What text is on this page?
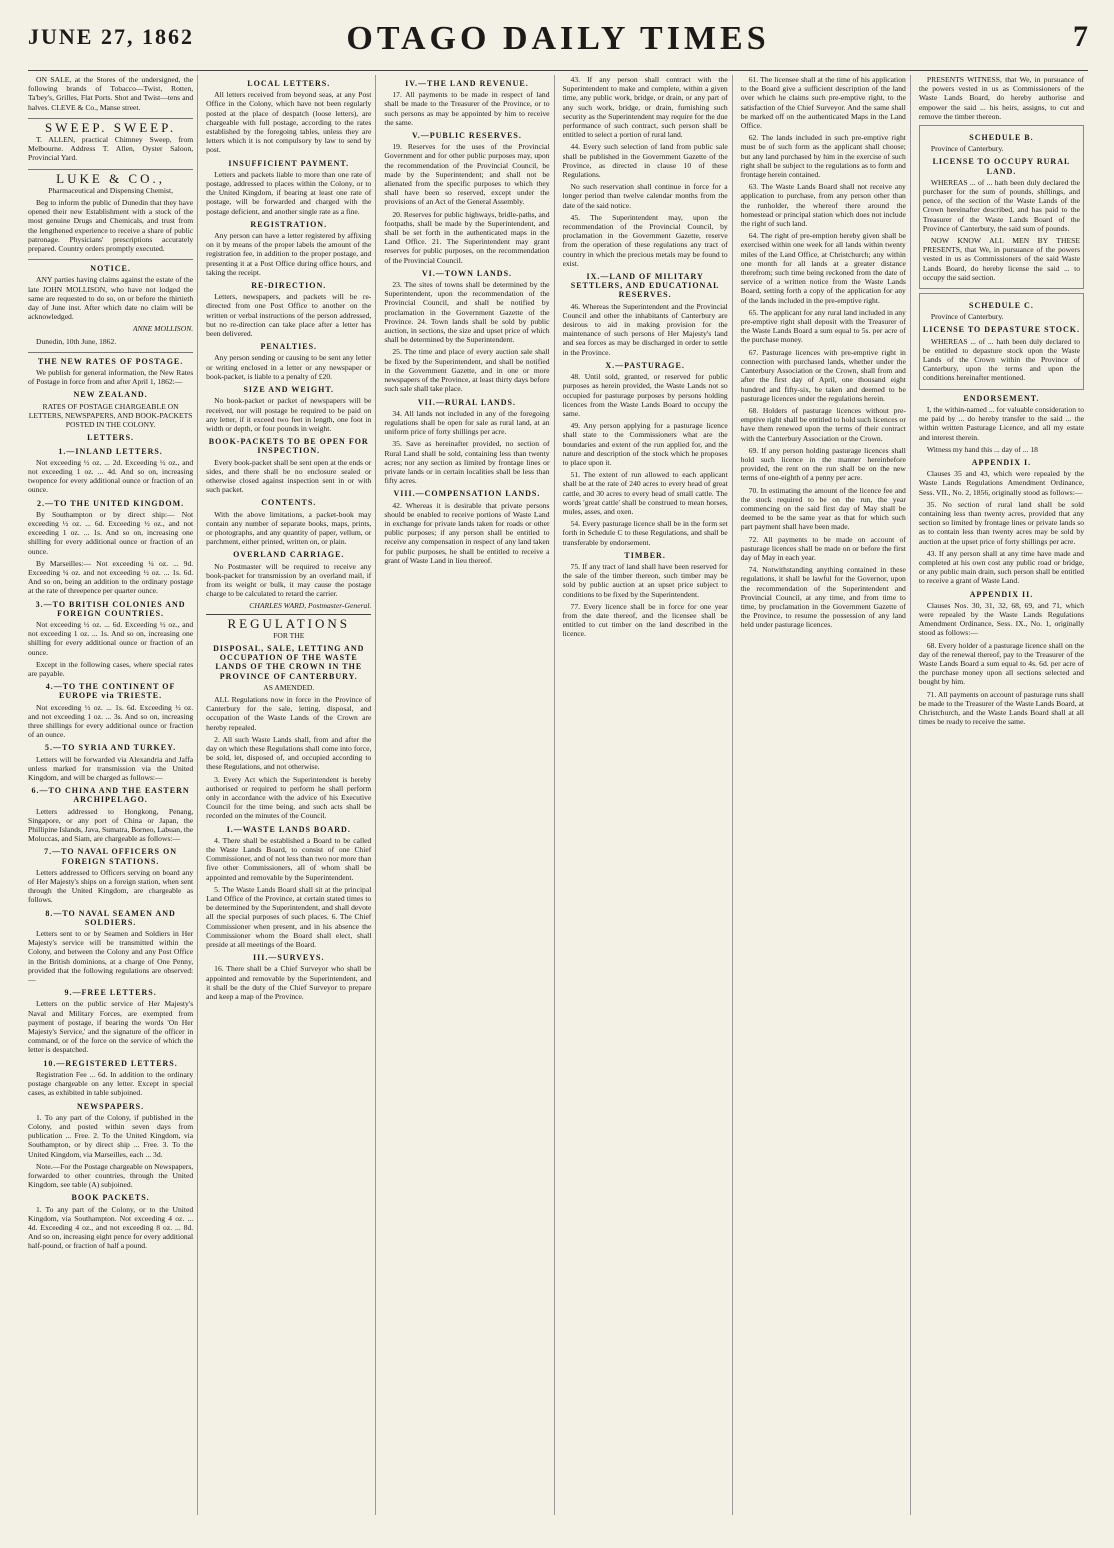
JUNE 27, 1862	OTAGO DAILY TIMES	7

ON SALE, at the Stores of the undersigned, the following brands of Tobacco—Twist, Rotten, Ta'bey's, Grilles, Flat Ports. Shot and Twist—tens and halves. CLEVE & Co., Manse street.

SWEEP. SWEEP.

T. ALLEN, practical Chimney Sweep, from Melbourne. Address T. Allen, Oyster Saloon, Provincial Yard.

LUKE & CO.,

Pharmaceutical and Dispensing Chemist,

Beg to inform the public of Dunedin that they have opened their new Establishment with a stock of the most genuine Drugs and Chemicals, and trust from the lengthened experience to receive a share of public patronage. Physicians' prescriptions accurately prepared. Country orders promptly executed.

NOTICE.

ANY parties having claims against the estate of the late JOHN MOLLISON, who have not lodged the same are requested to do so, on or before the thirtieth day of June inst. After which date no claim will be acknowledged.

ANNE MOLLISON.

Dunedin, 10th June, 1862.

THE NEW RATES OF POSTAGE.

We publish for general information, the New Rates of Postage in force from and after April 1, 1862:—

NEW ZEALAND.

RATES OF POSTAGE CHARGEABLE ON LETTERS, NEWSPAPERS, AND BOOK-PACKETS POSTED IN THE COLONY.

LETTERS.

1.—INLAND LETTERS.

Not exceeding ½ oz. ... 2d. Exceeding ½ oz., and not exceeding 1 oz. ... 4d. And so on, increasing twopence for every additional ounce or fraction of an ounce.

2.—TO THE UNITED KINGDOM.

By Southampton or by direct ship:— Not exceeding ½ oz. ... 6d. Exceeding ½ oz., and not exceeding 1 oz. ... 1s. And so on, increasing one shilling for every additional ounce or fraction of an ounce.

By Marseilles:— Not exceeding ¼ oz. ... 9d. Exceeding ¼ oz. and not exceeding ½ oz. ... 1s. 6d. And so on, being an addition to the ordinary postage at the rate of threepence per quarter ounce.

3.—TO BRITISH COLONIES AND FOREIGN COUNTRIES.

Not exceeding ½ oz. ... 6d. Exceeding ½ oz., and not exceeding 1 oz. ... 1s. And so on, increasing one shilling for every additional ounce or fraction of an ounce.

Except in the following cases, where special rates are payable.

4.—TO THE CONTINENT OF EUROPE via TRIESTE.

Not exceeding ½ oz. ... 1s. 6d. Exceeding ½ oz. and not exceeding 1 oz. ... 3s. And so on, increasing three shillings for every additional ounce or fraction of an ounce.

5.—TO SYRIA AND TURKEY.

Letters will be forwarded via Alexandria and Jaffa unless marked for transmission via the United Kingdom, and will be charged as follows:—

6.—TO CHINA AND THE EASTERN ARCHIPELAGO.

Letters addressed to Hongkong, Penang, Singapore, or any port of China or Japan, the Phillipine Islands, Java, Sumatra, Borneo, Labuan, the Moluccas, and Siam, are chargeable as follows:—

7.—TO NAVAL OFFICERS ON FOREIGN STATIONS.

Letters addressed to Officers serving on board any of Her Majesty's ships on a foreign station, when sent through the United Kingdom, are chargeable as follows.

8.—TO NAVAL SEAMEN AND SOLDIERS.

Letters sent to or by Seamen and Soldiers in Her Majesty's service will be transmitted within the Colony, and between the Colony and any Post Office in the British dominions, at a charge of One Penny, provided that the following regulations are observed:—

9.—FREE LETTERS.

Letters on the public service of Her Majesty's Naval and Military Forces, are exempted from payment of postage, if bearing the words 'On Her Majesty's Service,' and the signature of the officer in command, or of the force on the service of which the letter is despatched.

10.—REGISTERED LETTERS.

Registration Fee ... 6d. In addition to the ordinary postage chargeable on any letter. Except in special cases, as exhibited in table subjoined.

NEWSPAPERS.

1. To any part of the Colony, if published in the Colony, and posted within seven days from publication ... Free. 2. To the United Kingdom, via Southampton, or by direct ship ... Free. 3. To the United Kingdom, via Marseilles, each ... 3d.

Note.—For the Postage chargeable on Newspapers, forwarded to other countries, through the United Kingdom, see table (A) subjoined.

BOOK PACKETS.

1. To any part of the Colony, or to the United Kingdom, via Southampton. Not exceeding 4 oz. ... 4d. Exceeding 4 oz., and not exceeding 8 oz. ... 8d. And so on, increasing eight pence for every additional half-pound, or fraction of half a pound.

LOCAL LETTERS.

All letters received from beyond seas, at any Post Office in the Colony, which have not been regularly posted at the place of despatch (loose letters), are chargeable with full postage, according to the rates established by the foregoing tables, unless they are letters which it is not compulsory by law to send by post.

INSUFFICIENT PAYMENT.

Letters and packets liable to more than one rate of postage, addressed to places within the Colony, or to the United Kingdom, if bearing at least one rate of postage, will be forwarded and charged with the postage deficient, and another single rate as a fine.

REGISTRATION.

Any person can have a letter registered by affixing on it by means of the proper labels the amount of the registration fee, in addition to the proper postage, and presenting it at a Post Office during office hours, and taking the receipt.

RE-DIRECTION.

Letters, newspapers, and packets will be re-directed from one Post Office to another on the written or verbal instructions of the person addressed, but no re-direction can take place after a letter has been delivered.

PENALTIES.

Any person sending or causing to be sent any letter or writing enclosed in a letter or any newspaper or book-packet, is liable to a penalty of £20.

SIZE AND WEIGHT.

No book-packet or packet of newspapers will be received, nor will postage be required to be paid on any letter, if it exceed two feet in length, one foot in width or depth, or four pounds in weight.

BOOK-PACKETS TO BE OPEN FOR INSPECTION.

Every book-packet shall be sent open at the ends or sides, and there shall be no enclosure sealed or otherwise closed against inspection sent in or with such packet.

CONTENTS.

With the above limitations, a packet-book may contain any number of separate books, maps, prints, or photographs, and any quantity of paper, vellum, or parchment, either printed, written on, or plain.

OVERLAND CARRIAGE.

No Postmaster will be required to receive any book-packet for transmission by an overland mail, if from its weight or bulk, it may cause the postage charge to be calculated to retard the carrier.

CHARLES WARD, Postmaster-General.

REGULATIONS

FOR THE

DISPOSAL, SALE, LETTING AND OCCUPATION OF THE WASTE LANDS OF THE CROWN IN THE PROVINCE OF CANTERBURY.

AS AMENDED.

ALL Regulations now in force in the Province of Canterbury for the sale, letting, disposal, and occupation of the Waste Lands of the Crown are hereby repealed.

2. All such Waste Lands shall, from and after the day on which these Regulations shall come into force, be sold, let, disposed of, and occupied according to these Regulations, and not otherwise.

3. Every Act which the Superintendent is hereby authorised or required to perform he shall perform only in accordance with the advice of his Executive Council for the time being, and such acts shall be recorded on the minutes of the Council.

I.—WASTE LANDS BOARD.

4. There shall be established a Board to be called the Waste Lands Board, to consist of one Chief Commissioner, and of not less than two nor more than five other Commissioners, all of whom shall be appointed and removable by the Superintendent.

5. The Waste Lands Board shall sit at the principal Land Office of the Province, at certain stated times to be determined by the Superintendent, and shall devote all the special purposes of such places. 6. The Chief Commissioner when present, and in his absence the Commissioner whom the Board shall elect, shall preside at all meetings of the Board.

III.—SURVEYS.

16. There shall be a Chief Surveyor who shall be appointed and removable by the Superintendent, and it shall be the duty of the Chief Surveyor to prepare and keep a map of the Province.

IV.—THE LAND REVENUE.

17. All payments to be made in respect of land shall be made to the Treasurer of the Province, or to such persons as may be appointed by him to receive the same.

V.—PUBLIC RESERVES.

19. Reserves for the uses of the Provincial Government and for other public purposes may, upon the recommendation of the Provincial Council, be made by the Superintendent; and shall not be alienated from the specific purposes to which they shall have been so reserved, except under the provisions of an Act of the General Assembly.

20. Reserves for public highways, bridle-paths, and footpaths, shall be made by the Superintendent, and shall be set forth in the authenticated maps in the Land Office. 21. The Superintendent may grant reserves for public purposes, on the recommendation of the Provincial Council.

VI.—TOWN LANDS.

23. The sites of towns shall be determined by the Superintendent, upon the recommendation of the Provincial Council, and shall be notified by proclamation in the Government Gazette of the Province. 24. Town lands shall be sold by public auction, in sections, the size and upset price of which shall be determined by the Superintendent.

25. The time and place of every auction sale shall be fixed by the Superintendent, and shall be notified in the Government Gazette, and in one or more newspapers of the Province, at least thirty days before such sale shall take place.

VII.—RURAL LANDS.

34. All lands not included in any of the foregoing regulations shall be open for sale as rural land, at an uniform price of forty shillings per acre.

35. Save as hereinafter provided, no section of Rural Land shall be sold, containing less than twenty acres; nor any section as limited by frontage lines or private lands or in certain localities shall be less than fifty acres.

VIII.—COMPENSATION LANDS.

42. Whereas it is desirable that private persons should be enabled to receive portions of Waste Land in exchange for private lands taken for roads or other public purposes; if any person shall be entitled to receive any compensation in respect of any land taken for public purposes, he shall be entitled to receive a grant of Waste Land in lieu thereof.

43. If any person shall contract with the Superintendent to make and complete, within a given time, any public work, bridge, or drain, or any part of any such work, bridge, or drain, furnishing such security as the Superintendent may require for the due performance of such contract, such person shall be entitled to select a portion of rural land.

44. Every such selection of land from public sale shall be published in the Government Gazette of the Province, as directed in clause 10 of these Regulations.

No such reservation shall continue in force for a longer period than twelve calendar months from the date of the said notice.

45. The Superintendent may, upon the recommendation of the Provincial Council, by proclamation in the Government Gazette, reserve from the operation of these regulations any tract of country in which the precious metals may be found to exist.

IX.—LAND OF MILITARY SETTLERS, AND EDUCATIONAL RESERVES.

46. Whereas the Superintendent and the Provincial Council and other the inhabitants of Canterbury are desirous to aid in making provision for the maintenance of such persons of Her Majesty's land and sea forces as may be discharged in order to settle in the Province.

X.—PASTURAGE.

48. Until sold, granted, or reserved for public purposes as herein provided, the Waste Lands not so occupied for pasturage purposes by persons holding licences from the Waste Lands Board to occupy the same.

49. Any person applying for a pasturage licence shall state to the Commissioners what are the boundaries and extent of the run applied for, and the nature and description of the stock which he proposes to place upon it.

51. The extent of run allowed to each applicant shall be at the rate of 240 acres to every head of great cattle, and 30 acres to every head of small cattle. The words 'great cattle' shall be construed to mean horses, mules, asses, and oxen.

54. Every pasturage licence shall be in the form set forth in Schedule C to these Regulations, and shall be transferable by endorsement.

TIMBER.

75. If any tract of land shall have been reserved for the sale of the timber thereon, such timber may be sold by public auction at an upset price subject to conditions to be fixed by the Superintendent.

77. Every licence shall be in force for one year from the date thereof, and the licensee shall be entitled to cut timber on the land described in the licence.

61. The licensee shall at the time of his application to the Board give a sufficient description of the land over which he claims such pre-emptive right, to the satisfaction of the Chief Surveyor. And the same shall be marked off on the authenticated Maps in the Land Office.

62. The lands included in such pre-emptive right must be of such form as the applicant shall choose; but any land purchased by him in the exercise of such right shall be subject to the regulations as to form and frontage herein contained.

63. The Waste Lands Board shall not receive any application to purchase, from any person other than the runholder, the whereof there around the homestead or principal station which does not include the right of such land.

64. The right of pre-emption hereby given shall be exercised within one week for all lands within twenty miles of the Land Office, at Christchurch; any within one month for all lands at a greater distance therefrom; such time being reckoned from the date of service of a written notice from the Waste Lands Board, setting forth a copy of the application for any of the lands included in the pre-emptive right.

65. The applicant for any rural land included in any pre-emptive right shall deposit with the Treasurer of the Waste Lands Board a sum equal to 5s. per acre of the purchase money.

67. Pasturage licences with pre-emptive right in connection with purchased lands, whether under the Canterbury Association or the Crown, shall from and after the first day of April, one thousand eight hundred and fifty-six, be taken and deemed to be pasturage licences under the regulations herein.

68. Holders of pasturage licences without pre-emptive right shall be entitled to hold such licences or have them renewed upon the terms of their contract with the Canterbury Association or the Crown.

69. If any person holding pasturage licences shall hold such licence in the manner hereinbefore provided, the rent on the run shall be on the new terms of one-eighth of a penny per acre.

70. In estimating the amount of the licence fee and the stock required to be on the run, the year commencing on the said first day of May shall be deemed to be the same year as that for which such part payment shall have been made.

72. All payments to be made on account of pasturage licences shall be made on or before the first day of May in each year.

74. Notwithstanding anything contained in these regulations, it shall be lawful for the Governor, upon the recommendation of the Superintendent and Provincial Council, at any time, and from time to time, by proclamation in the Government Gazette of the Province, to resume the possession of any land held under pasturage licences.

PRESENTS WITNESS, that We, in pursuance of the powers vested in us as Commissioners of the Waste Lands Board, do hereby authorise and empower the said ... his heirs, assigns, to cut and remove the timber thereon.

SCHEDULE B.

Province of Canterbury.

LICENSE TO OCCUPY RURAL LAND.

WHEREAS ... of ... hath been duly declared the purchaser for the sum of pounds, shillings, and pence, of the section of the Waste Lands of the Crown hereinafter described, and has paid to the Treasurer of the Waste Lands Board of the Province of Canterbury, the said sum of pounds.

NOW KNOW ALL MEN BY THESE PRESENTS, that We, in pursuance of the powers vested in us as Commissioners of the said Waste Lands Board, do hereby license the said ... to occupy the said section.

SCHEDULE C.

Province of Canterbury.

LICENSE TO DEPASTURE STOCK.

WHEREAS ... of ... hath been duly declared to be entitled to depasture stock upon the Waste Lands of the Crown within the Province of Canterbury, upon the terms and upon the conditions hereinafter mentioned.

ENDORSEMENT.

I, the within-named ... for valuable consideration to me paid by ... do hereby transfer to the said ... the within written Pasturage Licence, and all my estate and interest therein.

Witness my hand this ... day of ... 18

APPENDIX I.

Clauses 35 and 43, which were repealed by the Waste Lands Regulations Amendment Ordinance, Sess. VII., No. 2, 1856, originally stood as follows:—

35. No section of rural land shall be sold containing less than twenty acres, provided that any section so limited by frontage lines or private lands so as to contain less than twenty acres may be sold by auction at the upset price of forty shillings per acre.

43. If any person shall at any time have made and completed at his own cost any public road or bridge, or any public main drain, such person shall be entitled to receive a grant of Waste Land.

APPENDIX II.

Clauses Nos. 30, 31, 32, 68, 69, and 71, which were repealed by the Waste Lands Regulations Amendment Ordinance, Sess. IX., No. 1, originally stood as follows:—

68. Every holder of a pasturage licence shall on the day of the renewal thereof, pay to the Treasurer of the Waste Lands Board a sum equal to 4s. 6d. per acre of the purchase money upon all sections selected and bought by him.

71. All payments on account of pasturage runs shall be made to the Treasurer of the Waste Lands Board, at Christchurch, and the Waste Lands Board shall at all times be ready to receive the same.
